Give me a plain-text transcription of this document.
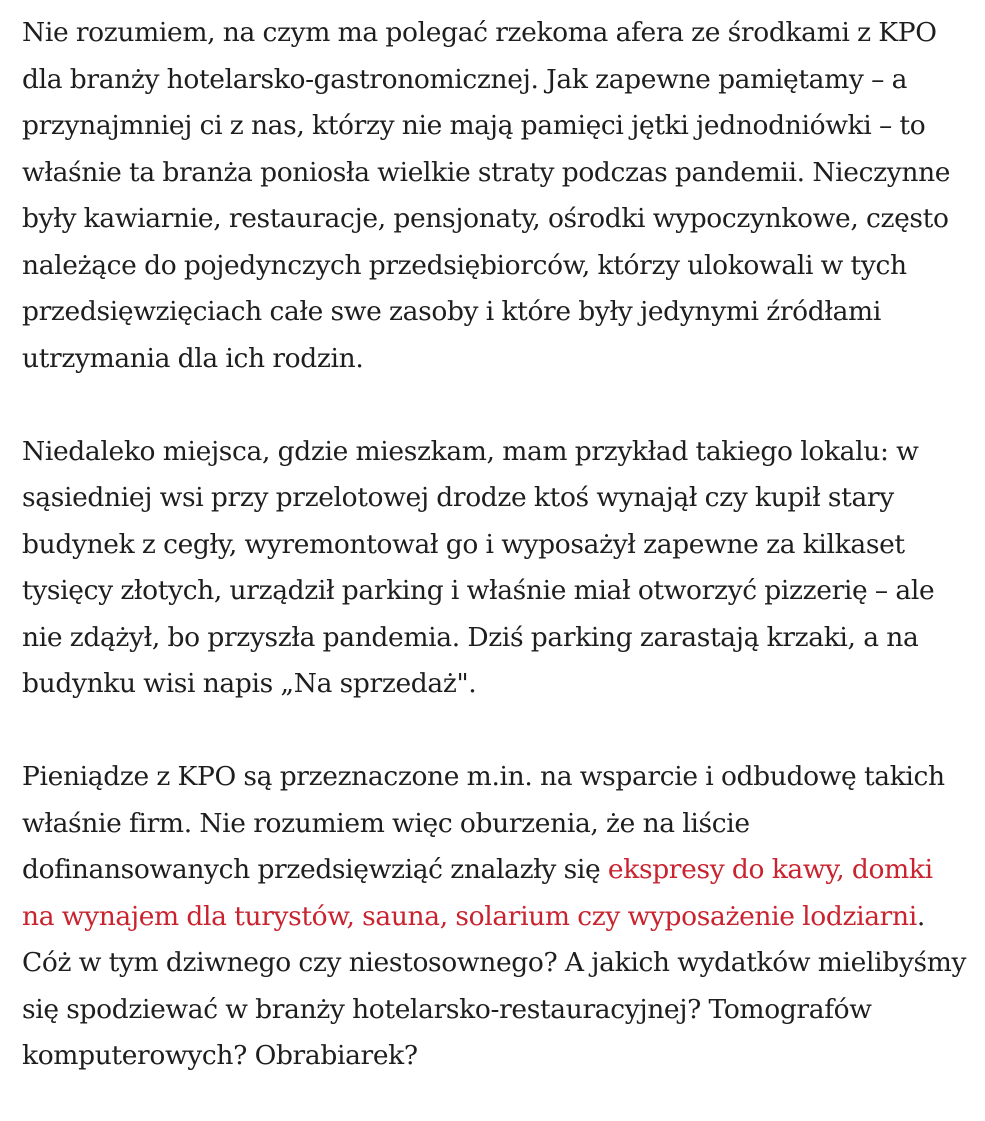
Nie rozumiem, na czym ma polegać rzekoma afera ze środkami z KPO dla branży hotelarsko-gastronomicznej. Jak zapewne pamiętamy – a przynajmniej ci z nas, którzy nie mają pamięci jętki jednodniówki – to właśnie ta branża poniosła wielkie straty podczas pandemii. Nieczynne były kawiarnie, restauracje, pensjonaty, ośrodki wypoczynkowe, często należące do pojedynczych przedsiębiorców, którzy ulokowali w tych przedsięwzięciach całe swe zasoby i które były jedynymi źródłami utrzymania dla ich rodzin.

Niedaleko miejsca, gdzie mieszkam, mam przykład takiego lokalu: w sąsiedniej wsi przy przelotowej drodze ktoś wynajął czy kupił stary budynek z cegły, wyremontował go i wyposażył zapewne za kilkaset tysięcy złotych, urządził parking i właśnie miał otworzyć pizzerię – ale nie zdążył, bo przyszła pandemia. Dziś parking zarastają krzaki, a na budynku wisi napis „Na sprzedaż".

Pieniądze z KPO są przeznaczone m.in. na wsparcie i odbudowę takich właśnie firm. Nie rozumiem więc oburzenia, że na liście dofinansowanych przedsięwziąć znalazły się ekspresy do kawy, domki na wynajem dla turystów, sauna, solarium czy wyposażenie lodziarni. Cóż w tym dziwnego czy niestosownego? A jakich wydatków mielibyśmy się spodziewać w branży hotelarsko-restauracyjnej? Tomografów komputerowych? Obrabiarek?
